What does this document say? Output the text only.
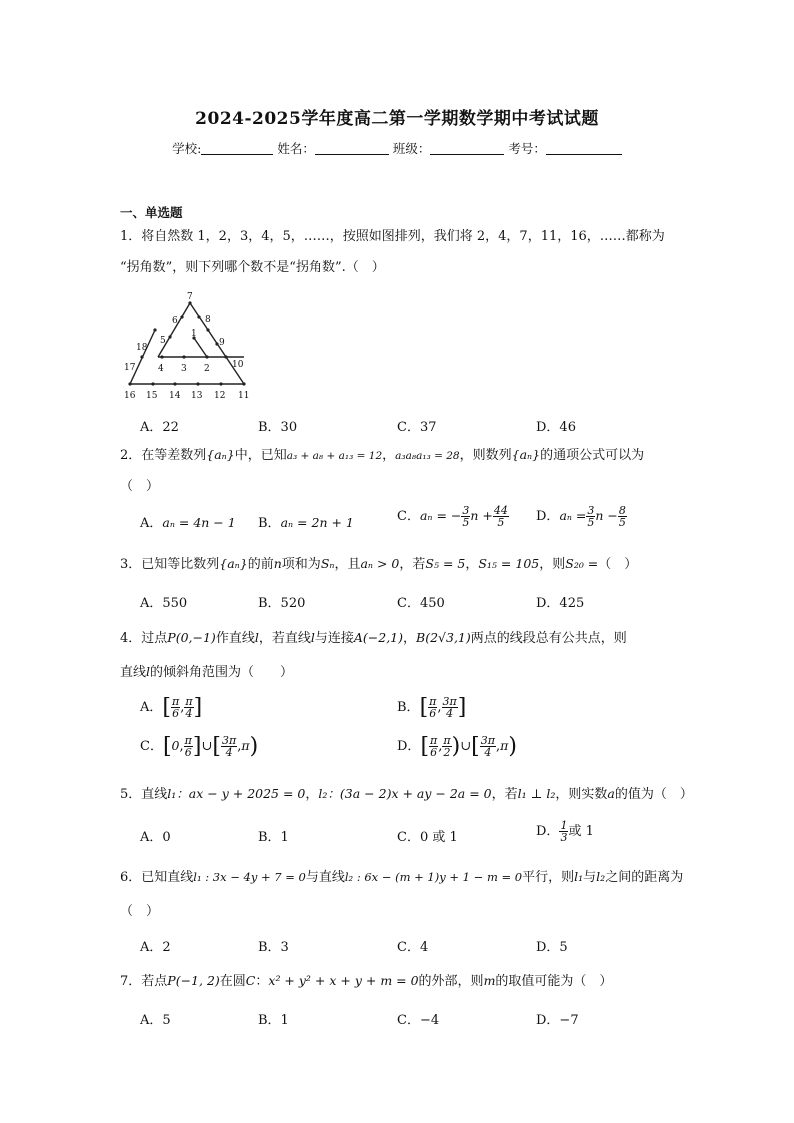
2024-2025学年度高二第一学期数学期中考试试题
学校:	姓名：	班级：	考号：
一、单选题
1．将自然数 1，2，3，4，5，……，按照如图排列，我们将 2，4，7，11，16，……都称为
“拐角数”，则下列哪个数不是“拐角数”.（　）
1
2
3
4
5
6
7
8
9
10
11
12
13
14
15
16
17
18
A．22	B．30	C．37	D．46
2．在等差数列{aₙ}中，已知a₃ + a₈ + a₁₃ = 12，a₃a₈a₁₃ = 28，则数列{aₙ}的通项公式可以为
（　）
A．aₙ = 4n − 1 B．aₙ = 2n + 1	C．aₙ = − $\frac{3}{5}$ $n + \frac{44}{5}$ D．$a_n = \frac{3}{5}$ $n - \frac{8}{5}$
3．已知等比数列{aₙ}的前n项和为Sₙ，且aₙ > 0，若S₅ = 5，S₁₅ = 105，则S₂₀ =（　）
A．550	B．520	C．450	D．425
4．过点P(0,−1)作直线l，若直线l与连接A(−2,1)，B(2√3,1)两点的线段总有公共点，则
直线l的倾斜角范围为（　　）
A．[ $\frac{\pi}{6}$ , $\frac{\pi}{4}$ ]	B．[ $\frac{\pi}{6}$ , $\frac{3\pi}{4}$ ]
C．[0, $\frac{\pi}{6}$ ]∪[ $\frac{3\pi}{4} ,\pi$)	D．[ $\frac{\pi}{6}$ , $\frac{\pi}{2}$ )∪[ $\frac{3\pi}{4} ,\pi$)
5．直线l₁：ax − y + 2025 = 0，l₂：(3a − 2)x + ay − 2a = 0，若l₁ ⊥ l₂，则实数a的值为（　）
A．0	B．1	C．0 或 1	D． $\frac{1}{3}$ 或 1
6．已知直线l₁ : 3x − 4y + 7 = 0与直线l₂ : 6x − (m + 1)y + 1 − m = 0平行，则l₁与l₂之间的距离为
（　）
A．2	B．3	C．4	D．5
7．若点P(−1, 2)在圆C：x² + y² + x + y + m = 0的外部，则m的取值可能为（　）
A．5	B．1	C．−4	D．−7
